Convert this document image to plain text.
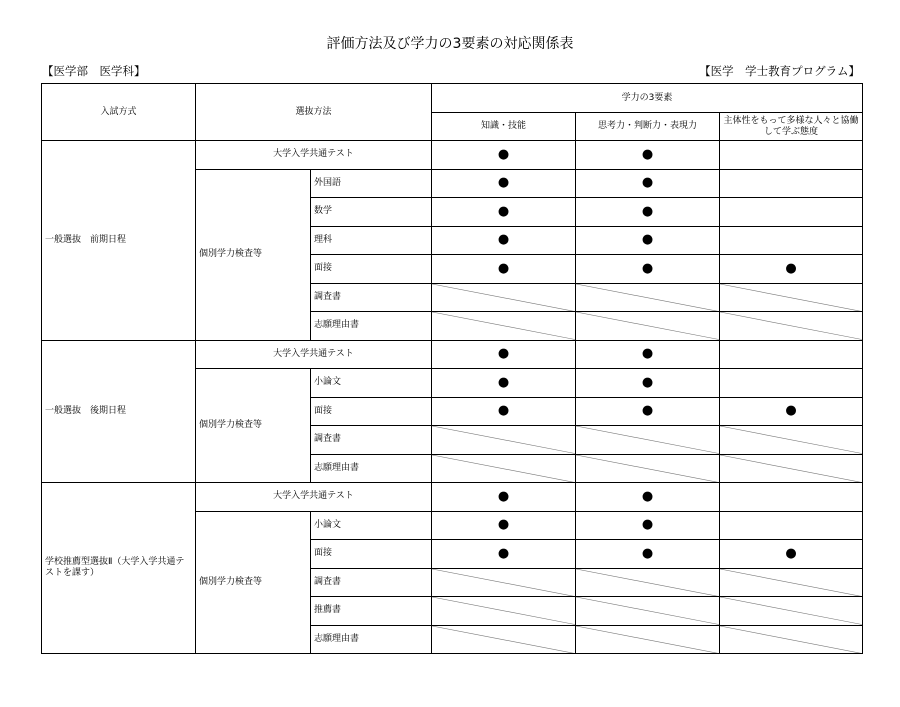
評価方法及び学力の3要素の対応関係表
【医学部　医学科】	【医学　学士教育プログラム】
入試方式	選抜方法		学力の3要素		
			知識・技能	思考力・判断力・表現力	主体性をもって多様な人々と協働して学ぶ態度
一般選抜　前期日程	大学入学共通テスト		●	●	
	個別学力検査等	外国語	●	●	
		数学	●	●	
		理科	●	●	
		面接	●	●	●
		調査書	

		志願理由書	

一般選抜　後期日程	大学入学共通テスト		●	●	
	個別学力検査等	小論文	●	●	
		面接	●	●	●
		調査書	

		志願理由書	

学校推薦型選抜Ⅱ（大学入学共通テストを課す）	大学入学共通テスト		●	●	
	個別学力検査等	小論文	●	●	
		面接	●	●	●
		調査書	

		推薦書	

		志願理由書	
